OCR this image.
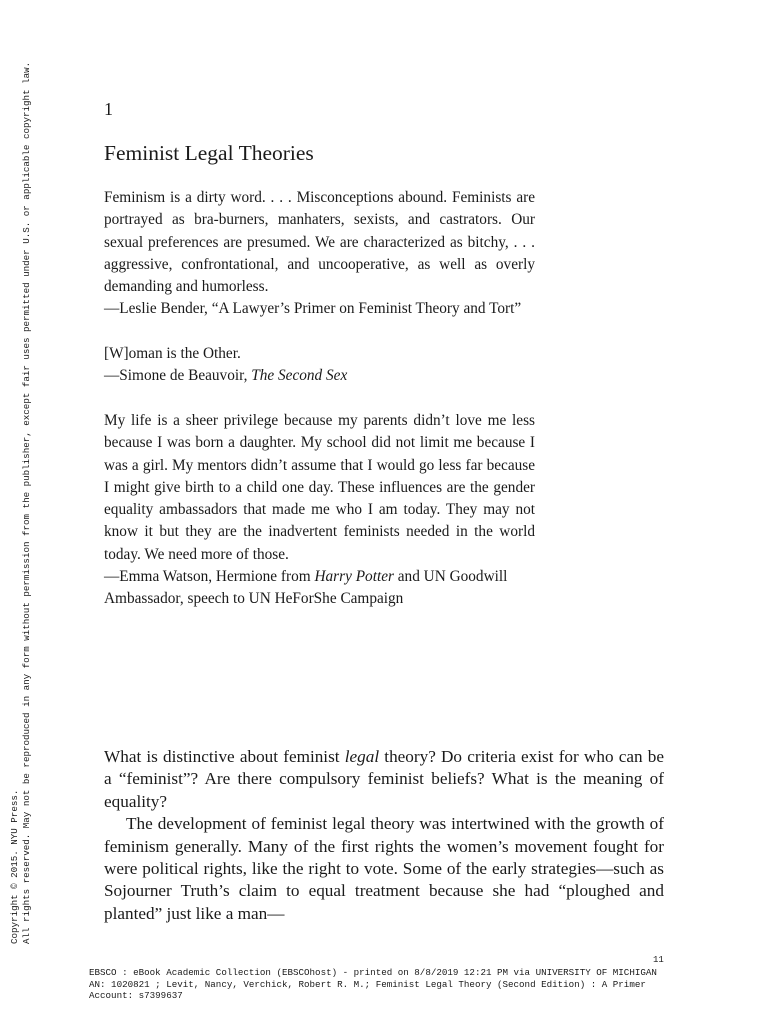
Copyright © 2015. NYU Press. All rights reserved. May not be reproduced in any form without permission from the publisher, except fair uses permitted under U.S. or applicable copyright law.	1
Feminist Legal Theories

Feminism is a dirty word. . . . Misconceptions abound. Feminists are portrayed as bra-burners, manhaters, sexists, and castrators. Our sexual preferences are presumed. We are characterized as bitchy, . . . aggressive, confrontational, and uncooperative, as well as overly demanding and humorless.

—Leslie Bender, “A Lawyer’s Primer on Feminist Theory and Tort”

[W]oman is the Other.

—Simone de Beauvoir, The Second Sex

My life is a sheer privilege because my parents didn’t love me less because I was born a daughter. My school did not limit me because I was a girl. My mentors didn’t assume that I would go less far because I might give birth to a child one day. These influences are the gender equality ambassadors that made me who I am today. They may not know it but they are the inadvertent feminists needed in the world today. We need more of those.

—Emma Watson, Hermione from Harry Potter and UN Goodwill Ambassador, speech to UN HeForShe Campaign

What is distinctive about feminist legal theory? Do criteria exist for who can be a “feminist”? Are there compulsory feminist beliefs? What is the meaning of equality?

The development of feminist legal theory was intertwined with the growth of feminism generally. Many of the first rights the women’s movement fought for were political rights, like the right to vote. Some of the early strategies—such as Sojourner Truth’s claim to equal treatment because she had “ploughed and planted” just like a man—

11
EBSCO : eBook Academic Collection (EBSCOhost) - printed on 8/8/2019 12:21 PM via UNIVERSITY OF MICHIGAN
AN: 1020821 ; Levit, Nancy, Verchick, Robert R. M.; Feminist Legal Theory (Second Edition) : A Primer
Account: s7399637
